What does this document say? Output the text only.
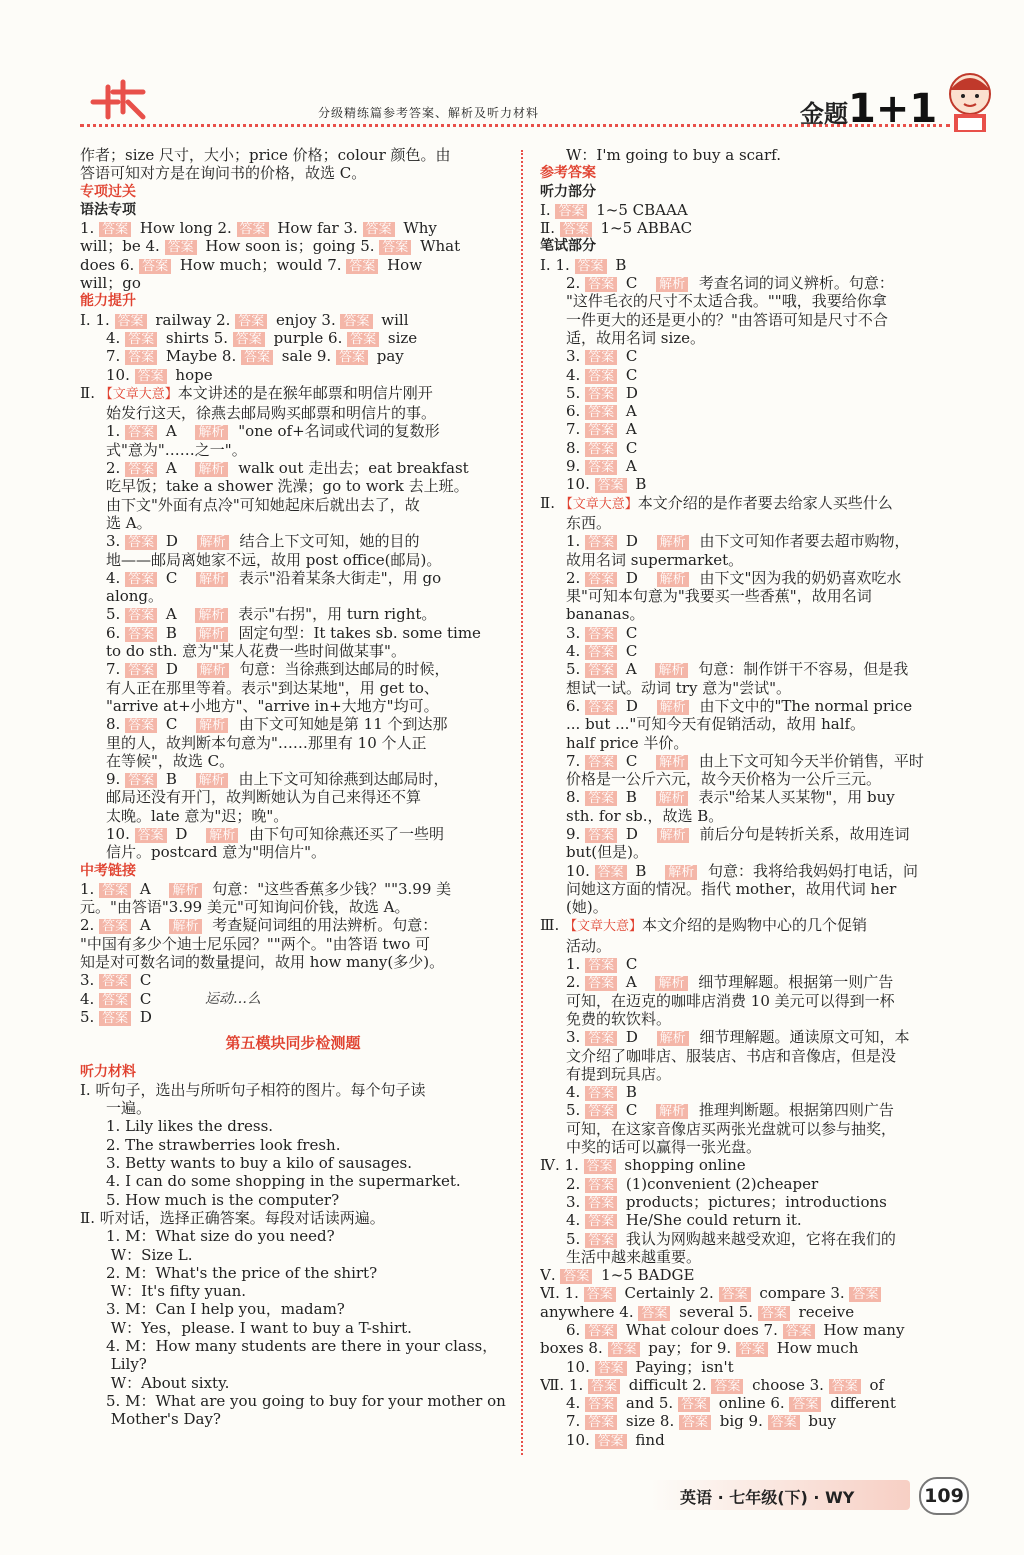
分级精练篇参考答案、解析及听力材料	金题1+1
作者；size 尺寸，大小；price 价格；colour 颜色。由
答语可知对方是在询问书的价格，故选 C。
专项过关
语法专项
1. 答案 How long 2. 答案 How far 3. 答案 Why
will；be 4. 答案 How soon is；going 5. 答案 What
does 6. 答案 How much；would 7. 答案 How
will；go
能力提升
Ⅰ. 1. 答案 railway 2. 答案 enjoy 3. 答案 will
4. 答案 shirts 5. 答案 purple 6. 答案 size
7. 答案 Maybe 8. 答案 sale 9. 答案 pay
10. 答案 hope
Ⅱ. 【文章大意】本文讲述的是在猴年邮票和明信片刚开
始发行这天，徐燕去邮局购买邮票和明信片的事。
1. 答案 A 解析 "one of+名词或代词的复数形
式"意为"……之一"。
2. 答案 A 解析 walk out 走出去；eat breakfast
吃早饭；take a shower 洗澡；go to work 去上班。
由下文"外面有点冷"可知她起床后就出去了，故
选 A。
3. 答案 D 解析 结合上下文可知，她的目的
地——邮局离她家不远，故用 post office(邮局)。
4. 答案 C 解析 表示"沿着某条大街走"，用 go
along。
5. 答案 A 解析 表示"右拐"，用 turn right。
6. 答案 B 解析 固定句型：It takes sb. some time
to do sth. 意为"某人花费一些时间做某事"。
7. 答案 D 解析 句意：当徐燕到达邮局的时候，
有人正在那里等着。表示"到达某地"，用 get to、
"arrive at+小地方"、"arrive in+大地方"均可。
8. 答案 C 解析 由下文可知她是第 11 个到达那
里的人，故判断本句意为"……那里有 10 个人正
在等候"，故选 C。
9. 答案 B 解析 由上下文可知徐燕到达邮局时，
邮局还没有开门，故判断她认为自己来得还不算
太晚。late 意为"迟；晚"。
10. 答案 D 解析 由下句可知徐燕还买了一些明
信片。postcard 意为"明信片"。
中考链接
1. 答案 A 解析 句意："这些香蕉多少钱？""3.99 美
元。"由答语"3.99 美元"可知询问价钱，故选 A。
2. 答案 A 解析 考查疑问词组的用法辨析。句意：
"中国有多少个迪士尼乐园？""两个。"由答语 two 可
知是对可数名词的数量提问，故用 how many(多少)。
3. 答案 C
4. 答案 C
5. 答案 D
第五模块同步检测题
听力材料
Ⅰ. 听句子，选出与所听句子相符的图片。每个句子读
一遍。
1. Lily likes the dress.
2. The strawberries look fresh.
3. Betty wants to buy a kilo of sausages.
4. I can do some shopping in the supermarket.
5. How much is the computer?
Ⅱ. 听对话，选择正确答案。每段对话读两遍。
1. M：What size do you need?
W：Size L.
2. M：What's the price of the shirt?
W：It's fifty yuan.
3. M：Can I help you，madam?
W：Yes，please. I want to buy a T-shirt.
4. M：How many students are there in your class，
Lily?
W：About sixty.
5. M：What are you going to buy for your mother on
Mother's Day?
W：I'm going to buy a scarf.
参考答案
听力部分
Ⅰ. 答案 1~5 CBAAA
Ⅱ. 答案 1~5 ABBAC
笔试部分
Ⅰ. 1. 答案 B
2. 答案 C 解析 考查名词的词义辨析。句意：
"这件毛衣的尺寸不太适合我。""哦，我要给你拿
一件更大的还是更小的？"由答语可知是尺寸不合
适，故用名词 size。
3. 答案 C
4. 答案 C
5. 答案 D
6. 答案 A
7. 答案 A
8. 答案 C
9. 答案 A
10. 答案 B
Ⅱ. 【文章大意】本文介绍的是作者要去给家人买些什么
东西。
1. 答案 D 解析 由下文可知作者要去超市购物，
故用名词 supermarket。
2. 答案 D 解析 由下文"因为我的奶奶喜欢吃水
果"可知本句意为"我要买一些香蕉"，故用名词
bananas。
3. 答案 C
4. 答案 C
5. 答案 A 解析 句意：制作饼干不容易，但是我
想试一试。动词 try 意为"尝试"。
6. 答案 D 解析 由下文中的"The normal price
... but ..."可知今天有促销活动，故用 half。
half price 半价。
7. 答案 C 解析 由上下文可知今天半价销售，平时
价格是一公斤六元，故今天价格为一公斤三元。
8. 答案 B 解析 表示"给某人买某物"，用 buy
sth. for sb.，故选 B。
9. 答案 D 解析 前后分句是转折关系，故用连词
but(但是)。
10. 答案 B 解析 句意：我将给我妈妈打电话，问
问她这方面的情况。指代 mother，故用代词 her
(她)。
Ⅲ. 【文章大意】本文介绍的是购物中心的几个促销
活动。
1. 答案 C
2. 答案 A 解析 细节理解题。根据第一则广告
可知，在迈克的咖啡店消费 10 美元可以得到一杯
免费的软饮料。
3. 答案 D 解析 细节理解题。通读原文可知，本
文介绍了咖啡店、服装店、书店和音像店，但是没
有提到玩具店。
4. 答案 B
5. 答案 C 解析 推理判断题。根据第四则广告
可知，在这家音像店买两张光盘就可以参与抽奖，
中奖的话可以赢得一张光盘。
Ⅳ. 1. 答案 shopping online
2. 答案 (1)convenient (2)cheaper
3. 答案 products；pictures；introductions
4. 答案 He/She could return it.
5. 答案 我认为网购越来越受欢迎，它将在我们的
生活中越来越重要。
Ⅴ. 答案 1~5 BADGE
Ⅵ. 1. 答案 Certainly 2. 答案 compare 3. 答案
anywhere 4. 答案 several 5. 答案 receive
6. 答案 What colour does 7. 答案 How many
boxes 8. 答案 pay；for 9. 答案 How much
10. 答案 Paying；isn't
Ⅶ. 1. 答案 difficult 2. 答案 choose 3. 答案 of
4. 答案 and 5. 答案 online 6. 答案 different
7. 答案 size 8. 答案 big 9. 答案 buy
10. 答案 find
运动…么
英语 · 七年级(下) · WY	109
